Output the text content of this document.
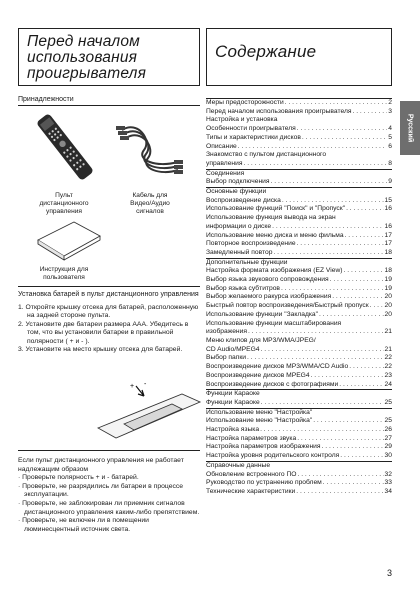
Перед началом
использования
проигрывателя
Принадлежности
Пульт
дистанционного
управления
Кабель для
Видео/Аудио
сигналов
Инструкция для
пользователя
Установка батарей в пульт дистанционного управления
1. Откройте крышку отсека для батарей, расположенную на задней стороне пульта.
2. Установите две батареи размера ААА. Убедитесь в том, что вы установили батареи в правильной полярности ( + и - ).
3. Установите на место крышку отсека для батарей.
+ -
Если пульт дистанционного управления не работает надлежащим образом
· Проверьте полярность + и - батарей.
· Проверьте, не разрядились ли батареи в процессе эксплуатации.
· Проверьте, не заблокирован ли приемник сигналов дистанционного управления каким-либо препятствием.
· Проверьте, не включен ли в помещении люминесцентный источник света.
Содержание
Меры предосторожности . . .	2
Перед началом использования проигрывателя . . .	3
Настройка и установка
Особенности проигрывателя . . .	4
Типы и характеристики дисков . . .	5
Описание . . .	6
Знакомство с пультом дистанционного
управления . . .	8
Соединения
Выбор подключения . . .	9
Основные функции
Воспроизведение диска . . .	15
Использование функций "Поиск" и "Пропуск" . . .	16
Использование функция вывода на экран
информации о диске . . .	16
Использование меню диска и меню фильма . . .	17
Повторное воспроизведение . . .	17
Замедленный повтор . . .	18
Дополнительные функции
Настройка формата изображения (EZ View) . . .	18
Выбор языка звукового сопровождения . . .	19
Выбор языка субтитров . . .	19
Выбор желаемого ракурса изображения . . .	20
Быстрый повтор воспроизведения/Быстрый пропуск . . . 20
Использование функции "Закладка" . . .	20
Использование функции масштабирования
изображения . . .	21
Меню клипов для MP3/WMA/JPEG/
CD Audio/MPEG4 . . .	21
Выбор папки . . .	22
Воспроизведение дисков MP3/WMA/CD Audio . . .	22
Воспроизведение дисков MPEG4 . . .	23
Воспроизведение дисков с фотографиями . . .	24
Функции Караоке
Функции Караоке . . .	25
Использование меню "Настройка"
Использование меню "Настройка" . . .	25
Настройка языка . . .	26
Настройка параметров звука . . .	27
Настройка параметров изображения . . .	29
Настройка уровня родительского контроля . . .	30
Справочные данные
Обновление встроенного ПО . . .	32
Руководство по устранению проблем . . .	33
Технические характеристики . . .	34
Русский
3
